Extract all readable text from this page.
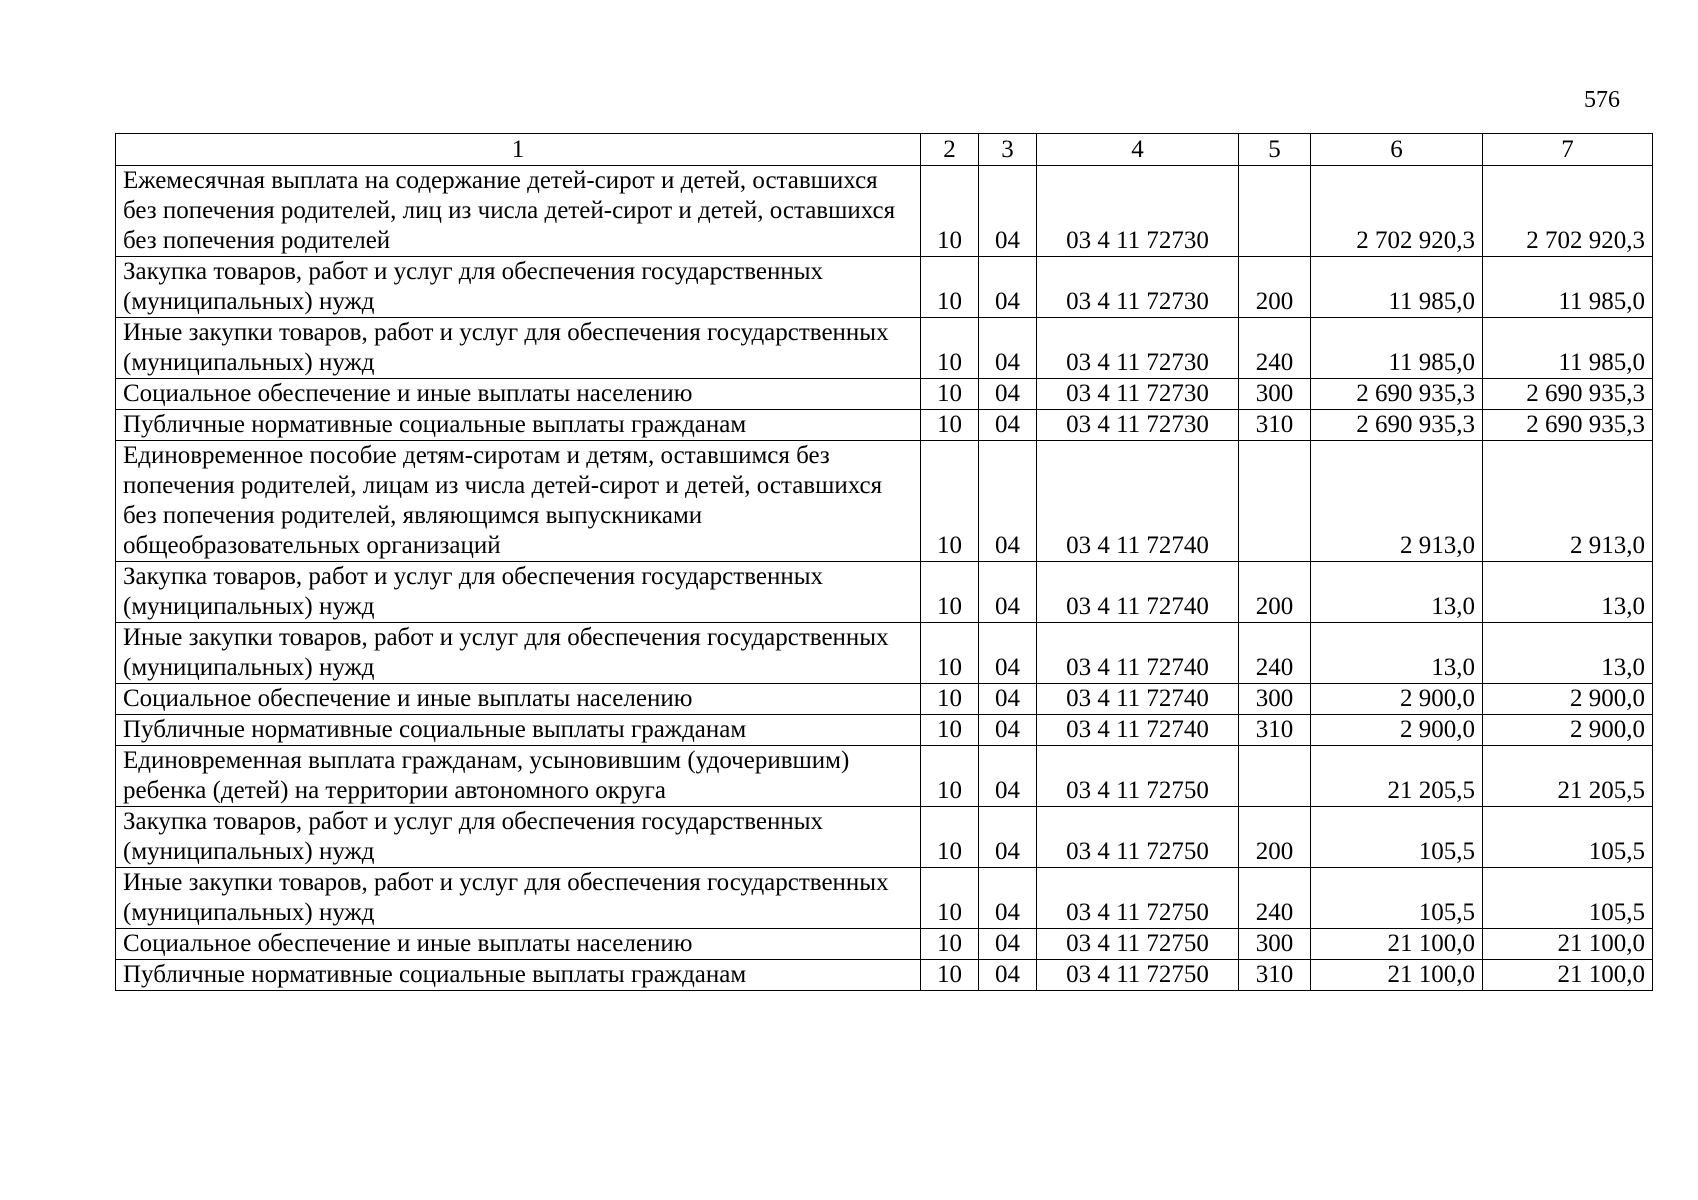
576
1	2	3	4	5	6	7
Ежемесячная выплата на содержание детей-сирот и детей, оставшихся без попечения родителей, лиц из числа детей-сирот и детей, оставшихся без попечения родителей	10	04	03 4 11 72730		2 702 920,3	2 702 920,3
Закупка товаров, работ и услуг для обеспечения государственных (муниципальных) нужд	10	04	03 4 11 72730	200	11 985,0	11 985,0
Иные закупки товаров, работ и услуг для обеспечения государственных (муниципальных) нужд	10	04	03 4 11 72730	240	11 985,0	11 985,0
Социальное обеспечение и иные выплаты населению	10	04	03 4 11 72730	300	2 690 935,3	2 690 935,3
Публичные нормативные социальные выплаты гражданам	10	04	03 4 11 72730	310	2 690 935,3	2 690 935,3
Единовременное пособие детям-сиротам и детям, оставшимся без попечения родителей, лицам из числа детей-сирот и детей, оставшихся без попечения родителей, являющимся выпускниками общеобразовательных организаций	10	04	03 4 11 72740		2 913,0	2 913,0
Закупка товаров, работ и услуг для обеспечения государственных (муниципальных) нужд	10	04	03 4 11 72740	200	13,0	13,0
Иные закупки товаров, работ и услуг для обеспечения государственных (муниципальных) нужд	10	04	03 4 11 72740	240	13,0	13,0
Социальное обеспечение и иные выплаты населению	10	04	03 4 11 72740	300	2 900,0	2 900,0
Публичные нормативные социальные выплаты гражданам	10	04	03 4 11 72740	310	2 900,0	2 900,0
Единовременная выплата гражданам, усыновившим (удочерившим) ребенка (детей) на территории автономного округа	10	04	03 4 11 72750		21 205,5	21 205,5
Закупка товаров, работ и услуг для обеспечения государственных (муниципальных) нужд	10	04	03 4 11 72750	200	105,5	105,5
Иные закупки товаров, работ и услуг для обеспечения государственных (муниципальных) нужд	10	04	03 4 11 72750	240	105,5	105,5
Социальное обеспечение и иные выплаты населению	10	04	03 4 11 72750	300	21 100,0	21 100,0
Публичные нормативные социальные выплаты гражданам	10	04	03 4 11 72750	310	21 100,0	21 100,0
